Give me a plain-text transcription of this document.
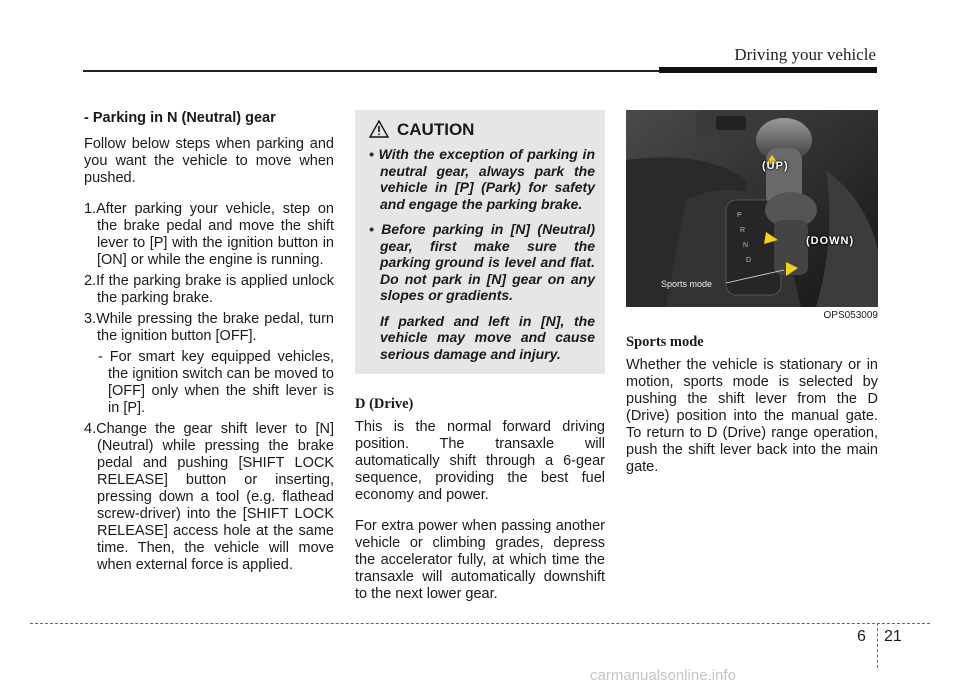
Driving your vehicle
- Parking in N (Neutral) gear

Follow below steps when parking and you want the vehicle to move when pushed.

1.After parking your vehicle, step on the brake pedal and move the shift lever to [P] with the ignition button in [ON] or while the engine is running.
2.If the parking brake is applied unlock the parking brake.
3.While pressing the brake pedal, turn the ignition button [OFF].
- For smart key equipped vehicles, the ignition switch can be moved to [OFF] only when the shift lever is in [P].
4.Change the gear shift lever to [N] (Neutral) while pressing the brake pedal and pushing [SHIFT LOCK RELEASE] button or inserting, pressing down a tool (e.g. flathead screw-driver) into the [SHIFT LOCK RELEASE] access hole at the same time. Then, the vehicle will move when external force is applied.
CAUTION
• With the exception of parking in neutral gear, always park the vehicle in [P] (Park) for safety and engage the parking brake.
• Before parking in [N] (Neutral) gear, first make sure the parking ground is level and flat. Do not park in [N] gear on any slopes or gradients.
If parked and left in [N], the vehicle may move and cause serious damage and injury.
D (Drive)

This is the normal forward driving position. The transaxle will automatically shift through a 6-gear sequence, providing the best fuel economy and power.

For extra power when passing another vehicle or climbing grades, depress the accelerator fully, at which time the transaxle will automatically downshift to the next lower gear.

P
R
N
D
(UP)
(DOWN)
Sports mode
OPS053009
Sports mode

Whether the vehicle is stationary or in motion, sports mode is selected by pushing the shift lever from the D (Drive) position into the manual gate. To return to D (Drive) range operation, push the shift lever back into the main gate.

6 21
carmanualsonline.info
